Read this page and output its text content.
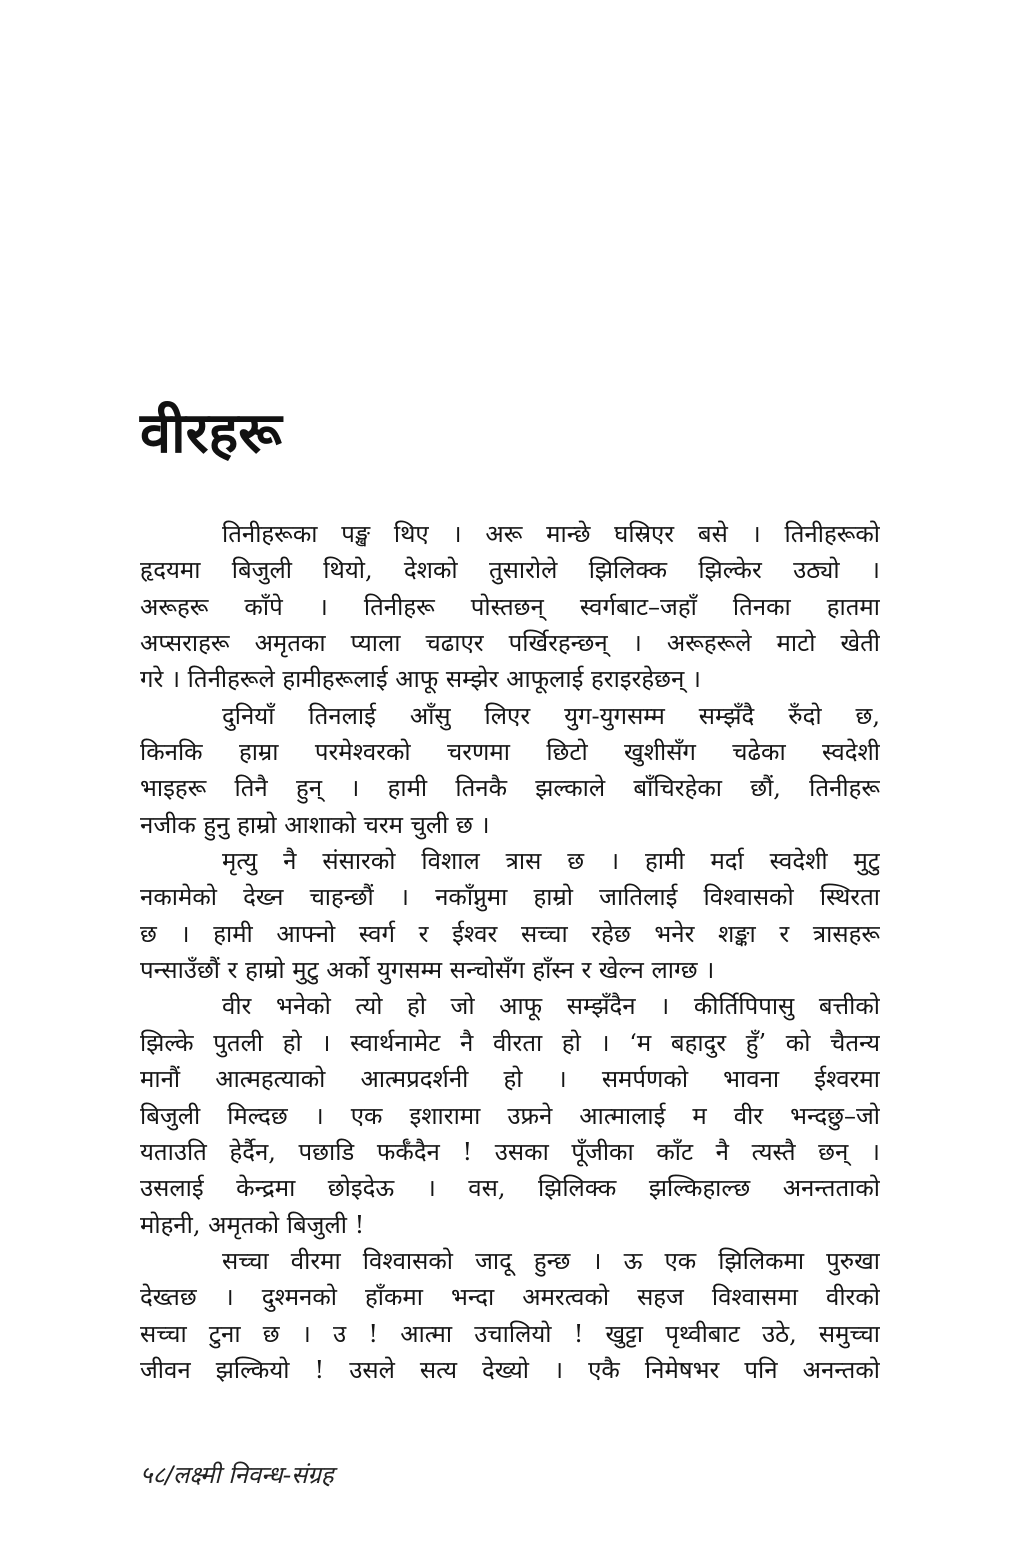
वीरहरू
तिनीहरूका पङ्ख थिए । अरू मान्छे घस्रिएर बसे । तिनीहरूको
हृदयमा बिजुली थियो, देशको तुसारोले झिलिक्क झिल्केर उठ्यो ।
अरूहरू काँपे । तिनीहरू पोस्तछन् स्वर्गबाट–जहाँ तिनका हातमा
अप्सराहरू अमृतका प्याला चढाएर पर्खिरहन्छन् । अरूहरूले माटो खेती
गरे । तिनीहरूले हामीहरूलाई आफू सम्झेर आफूलाई हराइरहेछन् ।
दुनियाँ तिनलाई आँसु लिएर युग-युगसम्म सम्झँदै रुँदो छ,
किनकि हाम्रा परमेश्वरको चरणमा छिटो खुशीसँग चढेका स्वदेशी
भाइहरू तिनै हुन् । हामी तिनकै झल्काले बाँचिरहेका छौं, तिनीहरू
नजीक हुनु हाम्रो आशाको चरम चुली छ ।
मृत्यु नै संसारको विशाल त्रास छ । हामी मर्दा स्वदेशी मुटु
नकामेको देख्न चाहन्छौं । नकाँप्नुमा हाम्रो जातिलाई विश्वासको स्थिरता
छ । हामी आफ्नो स्वर्ग र ईश्वर सच्चा रहेछ भनेर शङ्का र त्रासहरू
पन्साउँछौं र हाम्रो मुटु अर्को युगसम्म सन्चोसँग हाँस्न र खेल्न लाग्छ ।
वीर भनेको त्यो हो जो आफू सम्झँदैन । कीर्तिपिपासु बत्तीको
झिल्के पुतली हो । स्वार्थनामेट नै वीरता हो । ‘म बहादुर हुँ’ को चैतन्य
मानौं आत्महत्याको आत्मप्रदर्शनी हो । समर्पणको भावना ईश्वरमा
बिजुली मिल्दछ । एक इशारामा उफ्रने आत्मालाई म वीर भन्दछु–जो
यताउति हेर्दैन, पछाडि फर्कँदैन ! उसका पूँजीका काँट नै त्यस्तै छन् ।
उसलाई केन्द्रमा छोइदेऊ । वस, झिलिक्क झल्किहाल्छ अनन्तताको
मोहनी, अमृतको बिजुली !
सच्चा वीरमा विश्वासको जादू हुन्छ । ऊ एक झिलिकमा पुरुखा
देख्तछ । दुश्मनको हाँकमा भन्दा अमरत्वको सहज विश्वासमा वीरको
सच्चा टुना छ । उ ! आत्मा उचालियो ! खुट्टा पृथ्वीबाट उठे, समुच्चा
जीवन झल्कियो ! उसले सत्य देख्यो । एकै निमेषभर पनि अनन्तको
५८/लक्ष्मी निवन्ध-संग्रह
